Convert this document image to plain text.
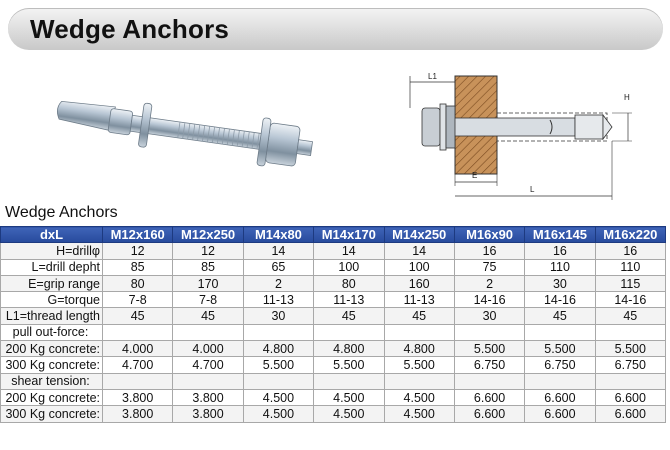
Wedge Anchors
L1
H
E
L
Wedge Anchors
dxL	M12x160	M12x250	M14x80	M14x170	M14x250	M16x90	M16x145	M16x220
H=drillφ	12	12	14	14	14	16	16	16
L=drill depht	85	85	65	100	100	75	110	110
E=grip range	80	170	2	80	160	2	30	115
G=torque	7-8	7-8	11-13	11-13	11-13	14-16	14-16	14-16
L1=thread length	45	45	30	45	45	30	45	45
pull out-force:								
200 Kg concrete:	4.000	4.000	4.800	4.800	4.800	5.500	5.500	5.500
300 Kg concrete:	4.700	4.700	5.500	5.500	5.500	6.750	6.750	6.750
shear tension:								
200 Kg concrete:	3.800	3.800	4.500	4.500	4.500	6.600	6.600	6.600
300 Kg concrete:	3.800	3.800	4.500	4.500	4.500	6.600	6.600	6.600
